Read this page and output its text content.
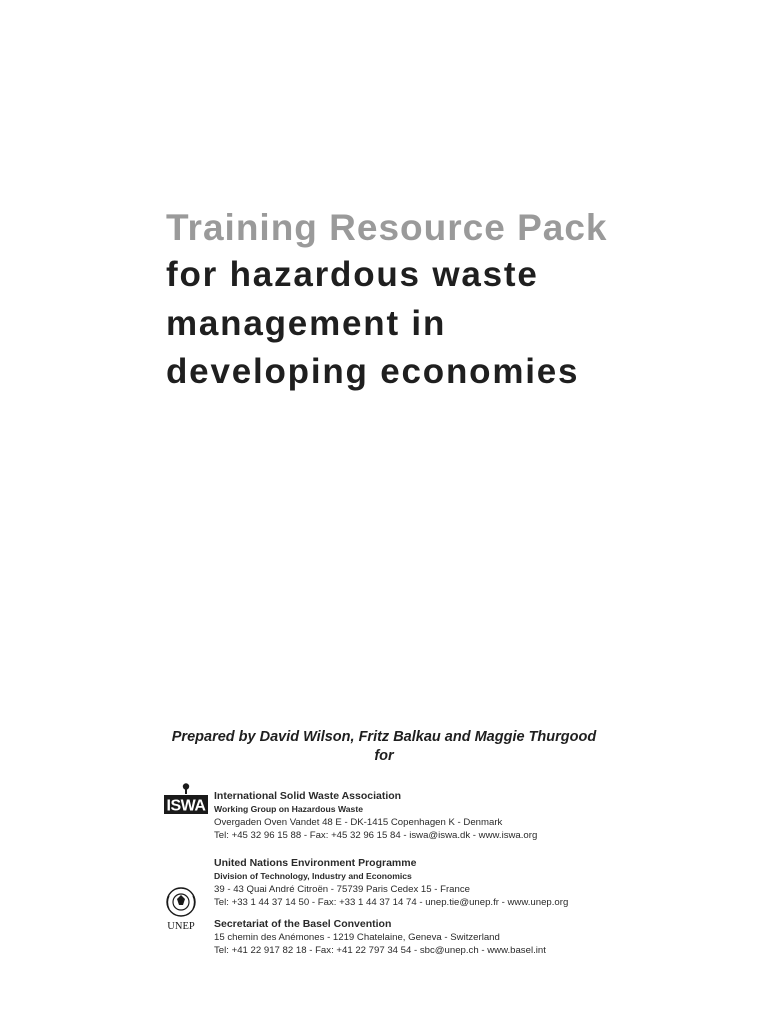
Training Resource Pack
for hazardous waste
management in
developing economies
Prepared by David Wilson, Fritz Balkau and Maggie Thurgood
for
ISWA
UNEP
International Solid Waste Association
Working Group on Hazardous Waste
Overgaden Oven Vandet 48 E - DK-1415 Copenhagen K - Denmark
Tel: +45 32 96 15 88 - Fax: +45 32 96 15 84 - iswa@iswa.dk - www.iswa.org
United Nations Environment Programme
Division of Technology, Industry and Economics
39 - 43 Quai André Citroën - 75739 Paris Cedex 15 - France
Tel: +33 1 44 37 14 50 - Fax: +33 1 44 37 14 74 - unep.tie@unep.fr - www.unep.org
Secretariat of the Basel Convention
15 chemin des Anémones - 1219 Chatelaine, Geneva - Switzerland
Tel: +41 22 917 82 18 - Fax: +41 22 797 34 54 - sbc@unep.ch - www.basel.int
